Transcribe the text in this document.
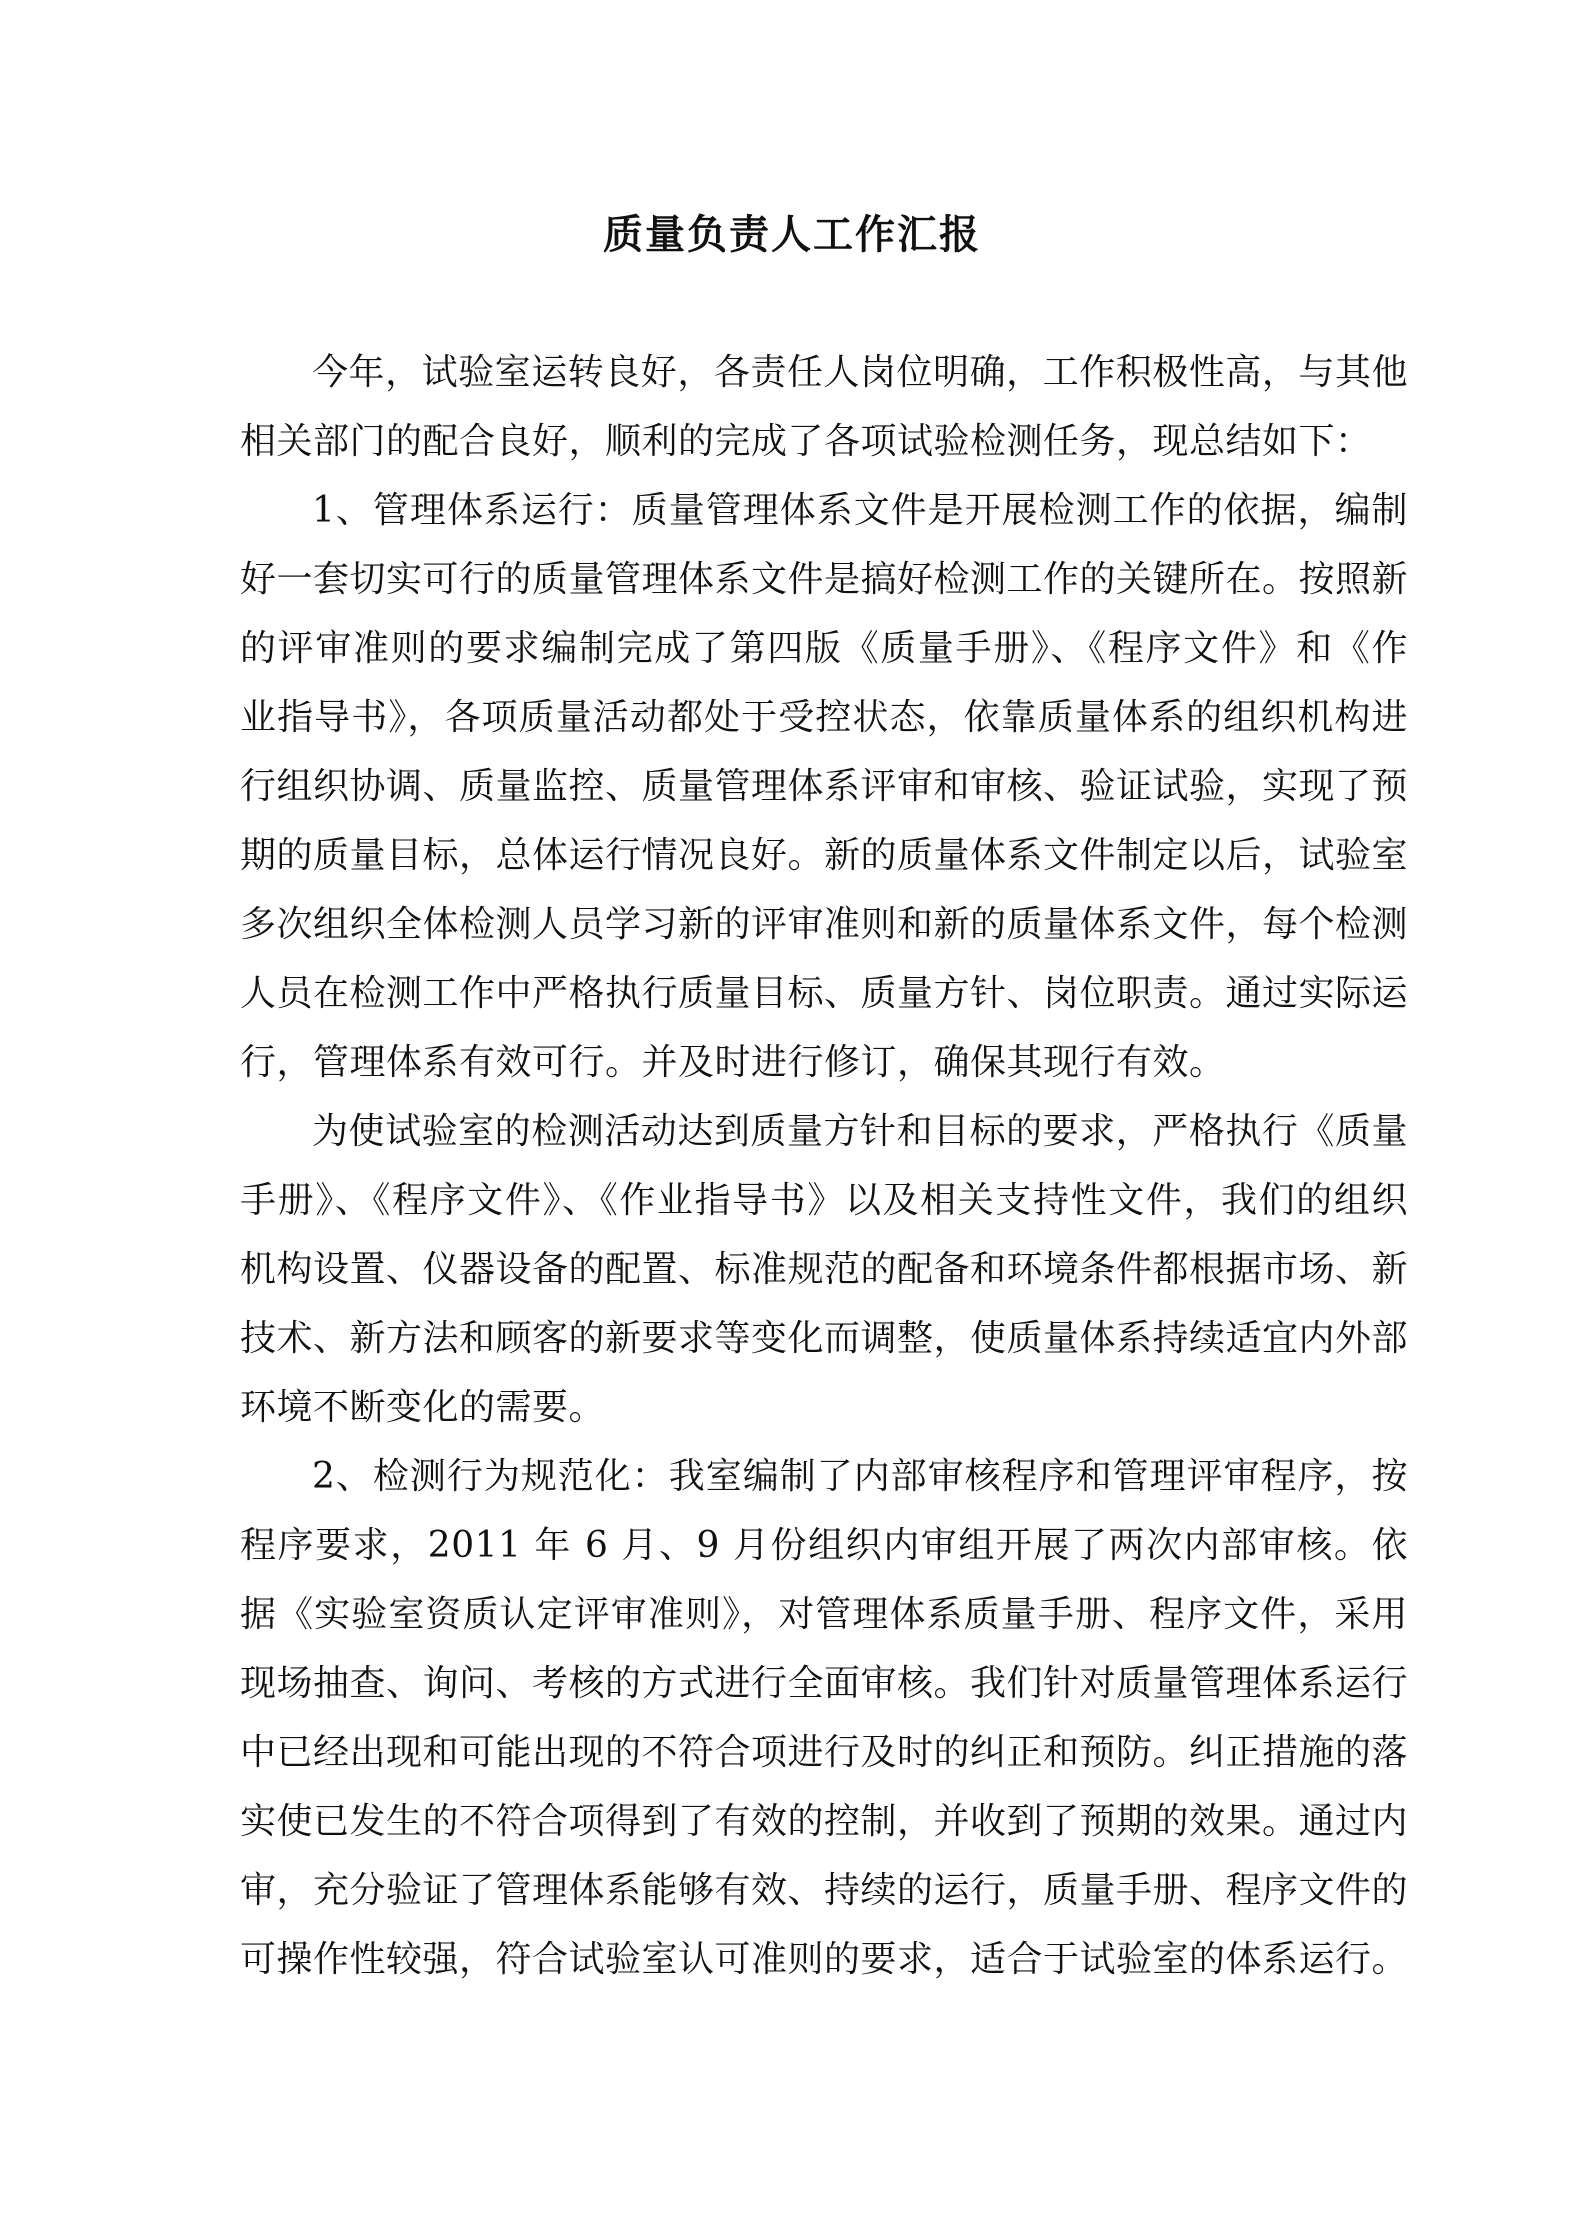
质量负责人工作汇报

今年，试验室运转良好，各责任人岗位明确，工作积极性高，与其他相关部门的配合良好，顺利的完成了各项试验检测任务，现总结如下：

1、管理体系运行：质量管理体系文件是开展检测工作的依据，编制好一套切实可行的质量管理体系文件是搞好检测工作的关键所在。按照新的评审准则的要求编制完成了第四版《质量手册》、《程序文件》和《作业指导书》，各项质量活动都处于受控状态，依靠质量体系的组织机构进行组织协调、质量监控、质量管理体系评审和审核、验证试验，实现了预期的质量目标，总体运行情况良好。新的质量体系文件制定以后，试验室多次组织全体检测人员学习新的评审准则和新的质量体系文件，每个检测人员在检测工作中严格执行质量目标、质量方针、岗位职责。通过实际运行，管理体系有效可行。并及时进行修订，确保其现行有效。

为使试验室的检测活动达到质量方针和目标的要求，严格执行《质量手册》、《程序文件》、《作业指导书》以及相关支持性文件，我们的组织机构设置、仪器设备的配置、标准规范的配备和环境条件都根据市场、新技术、新方法和顾客的新要求等变化而调整，使质量体系持续适宜内外部环境不断变化的需要。

2、检测行为规范化：我室编制了内部审核程序和管理评审程序，按程序要求，2011 年 6 月、9 月份组织内审组开展了两次内部审核。依据《实验室资质认定评审准则》，对管理体系质量手册、程序文件，采用现场抽查、询问、考核的方式进行全面审核。我们针对质量管理体系运行中已经出现和可能出现的不符合项进行及时的纠正和预防。纠正措施的落实使已发生的不符合项得到了有效的控制，并收到了预期的效果。通过内审，充分验证了管理体系能够有效、持续的运行，质量手册、程序文件的可操作性较强，符合试验室认可准则的要求，适合于试验室的体系运行。
